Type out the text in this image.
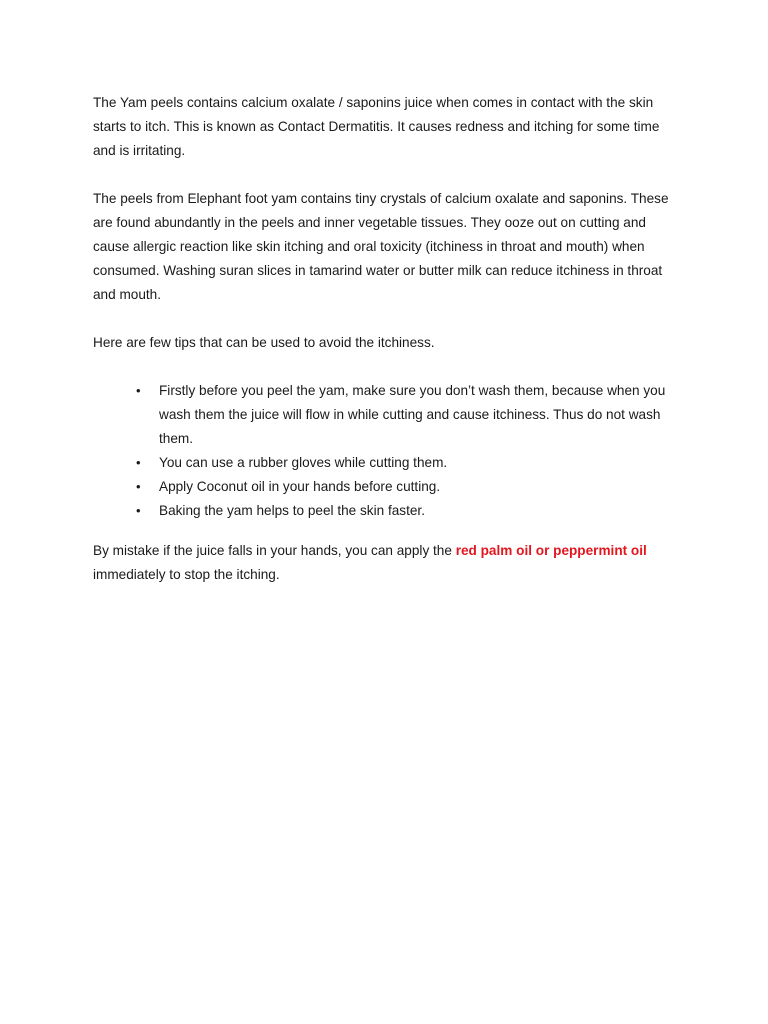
The Yam peels contains calcium oxalate / saponins juice when comes in contact with the skin starts to itch. This is known as Contact Dermatitis. It causes redness and itching for some time and is irritating.

The peels from Elephant foot yam contains tiny crystals of calcium oxalate and saponins. These are found abundantly in the peels and inner vegetable tissues. They ooze out on cutting and cause allergic reaction like skin itching and oral toxicity (itchiness in throat and mouth) when consumed. Washing suran slices in tamarind water or butter milk can reduce itchiness in throat and mouth.

Here are few tips that can be used to avoid the itchiness.

• Firstly before you peel the yam, make sure you don’t wash them, because when you wash them the juice will flow in while cutting and cause itchiness. Thus do not wash them.
• You can use a rubber gloves while cutting them.
• Apply Coconut oil in your hands before cutting.
• Baking the yam helps to peel the skin faster.

By mistake if the juice falls in your hands, you can apply the red palm oil or peppermint oil immediately to stop the itching.
